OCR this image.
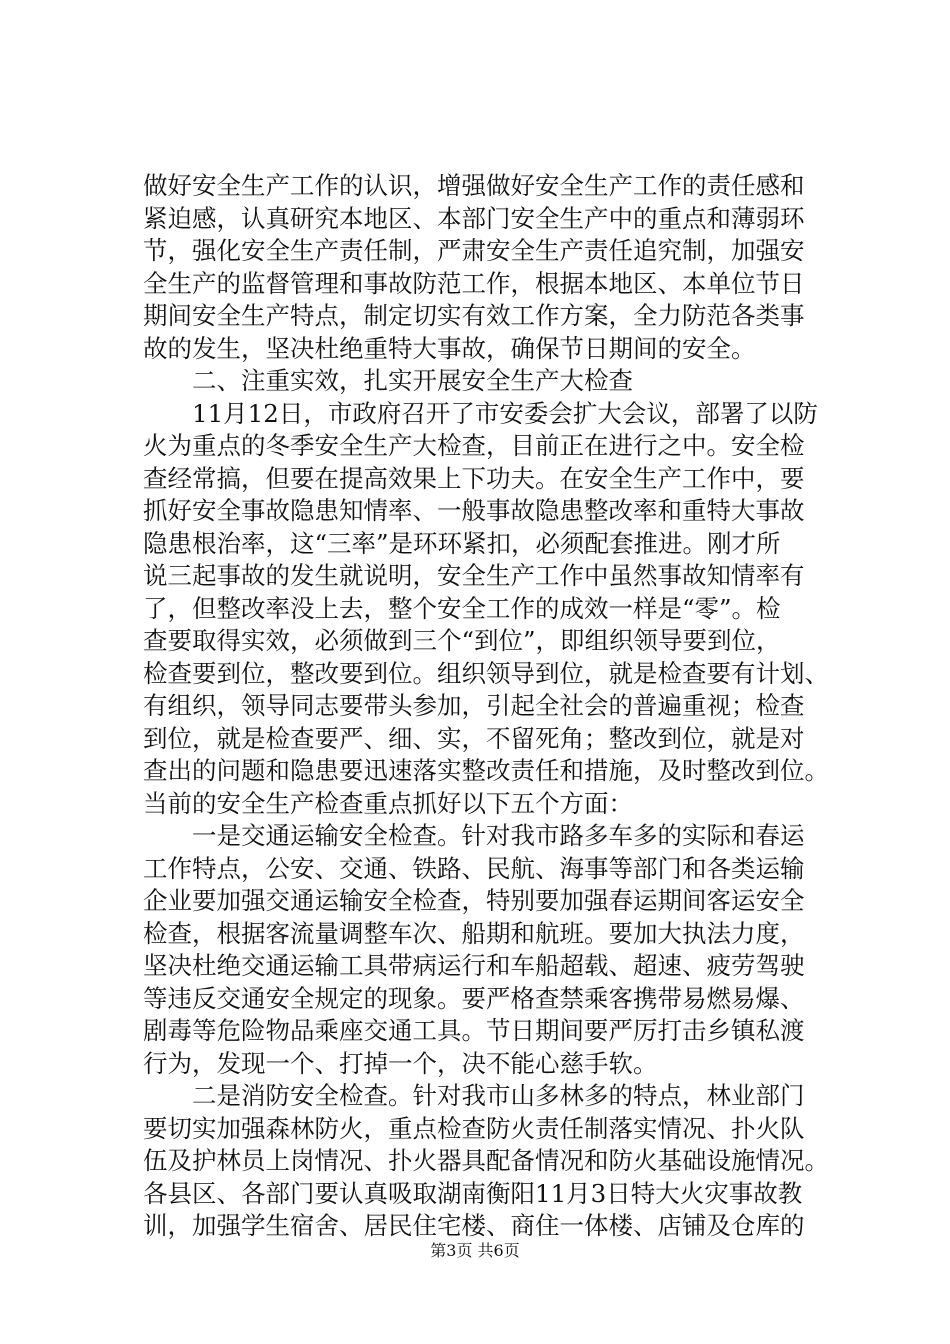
做好安全生产工作的认识，增强做好安全生产工作的责任感和
紧迫感，认真研究本地区、本部门安全生产中的重点和薄弱环
节，强化安全生产责任制，严肃安全生产责任追究制，加强安
全生产的监督管理和事故防范工作，根据本地区、本单位节日
期间安全生产特点，制定切实有效工作方案，全力防范各类事
故的发生，坚决杜绝重特大事故，确保节日期间的安全。
　　二、注重实效，扎实开展安全生产大检查
　　11月12日，市政府召开了市安委会扩大会议，部署了以防
火为重点的冬季安全生产大检查，目前正在进行之中。安全检
查经常搞，但要在提高效果上下功夫。在安全生产工作中，要
抓好安全事故隐患知情率、一般事故隐患整改率和重特大事故
隐患根治率，这“三率”是环环紧扣，必须配套推进。刚才所
说三起事故的发生就说明，安全生产工作中虽然事故知情率有
了，但整改率没上去，整个安全工作的成效一样是“零”。检
查要取得实效，必须做到三个“到位”，即组织领导要到位，
检查要到位，整改要到位。组织领导到位，就是检查要有计划、
有组织，领导同志要带头参加，引起全社会的普遍重视；检查
到位，就是检查要严、细、实，不留死角；整改到位，就是对
查出的问题和隐患要迅速落实整改责任和措施，及时整改到位。
当前的安全生产检查重点抓好以下五个方面：
　　一是交通运输安全检查。针对我市路多车多的实际和春运
工作特点，公安、交通、铁路、民航、海事等部门和各类运输
企业要加强交通运输安全检查，特别要加强春运期间客运安全
检查，根据客流量调整车次、船期和航班。要加大执法力度，
坚决杜绝交通运输工具带病运行和车船超载、超速、疲劳驾驶
等违反交通安全规定的现象。要严格查禁乘客携带易燃易爆、
剧毒等危险物品乘座交通工具。节日期间要严厉打击乡镇私渡
行为，发现一个、打掉一个，决不能心慈手软。
　　二是消防安全检查。针对我市山多林多的特点，林业部门
要切实加强森林防火，重点检查防火责任制落实情况、扑火队
伍及护林员上岗情况、扑火器具配备情况和防火基础设施情况。
各县区、各部门要认真吸取湖南衡阳11月3日特大火灾事故教
训，加强学生宿舍、居民住宅楼、商住一体楼、店铺及仓库的
第3页 共6页
